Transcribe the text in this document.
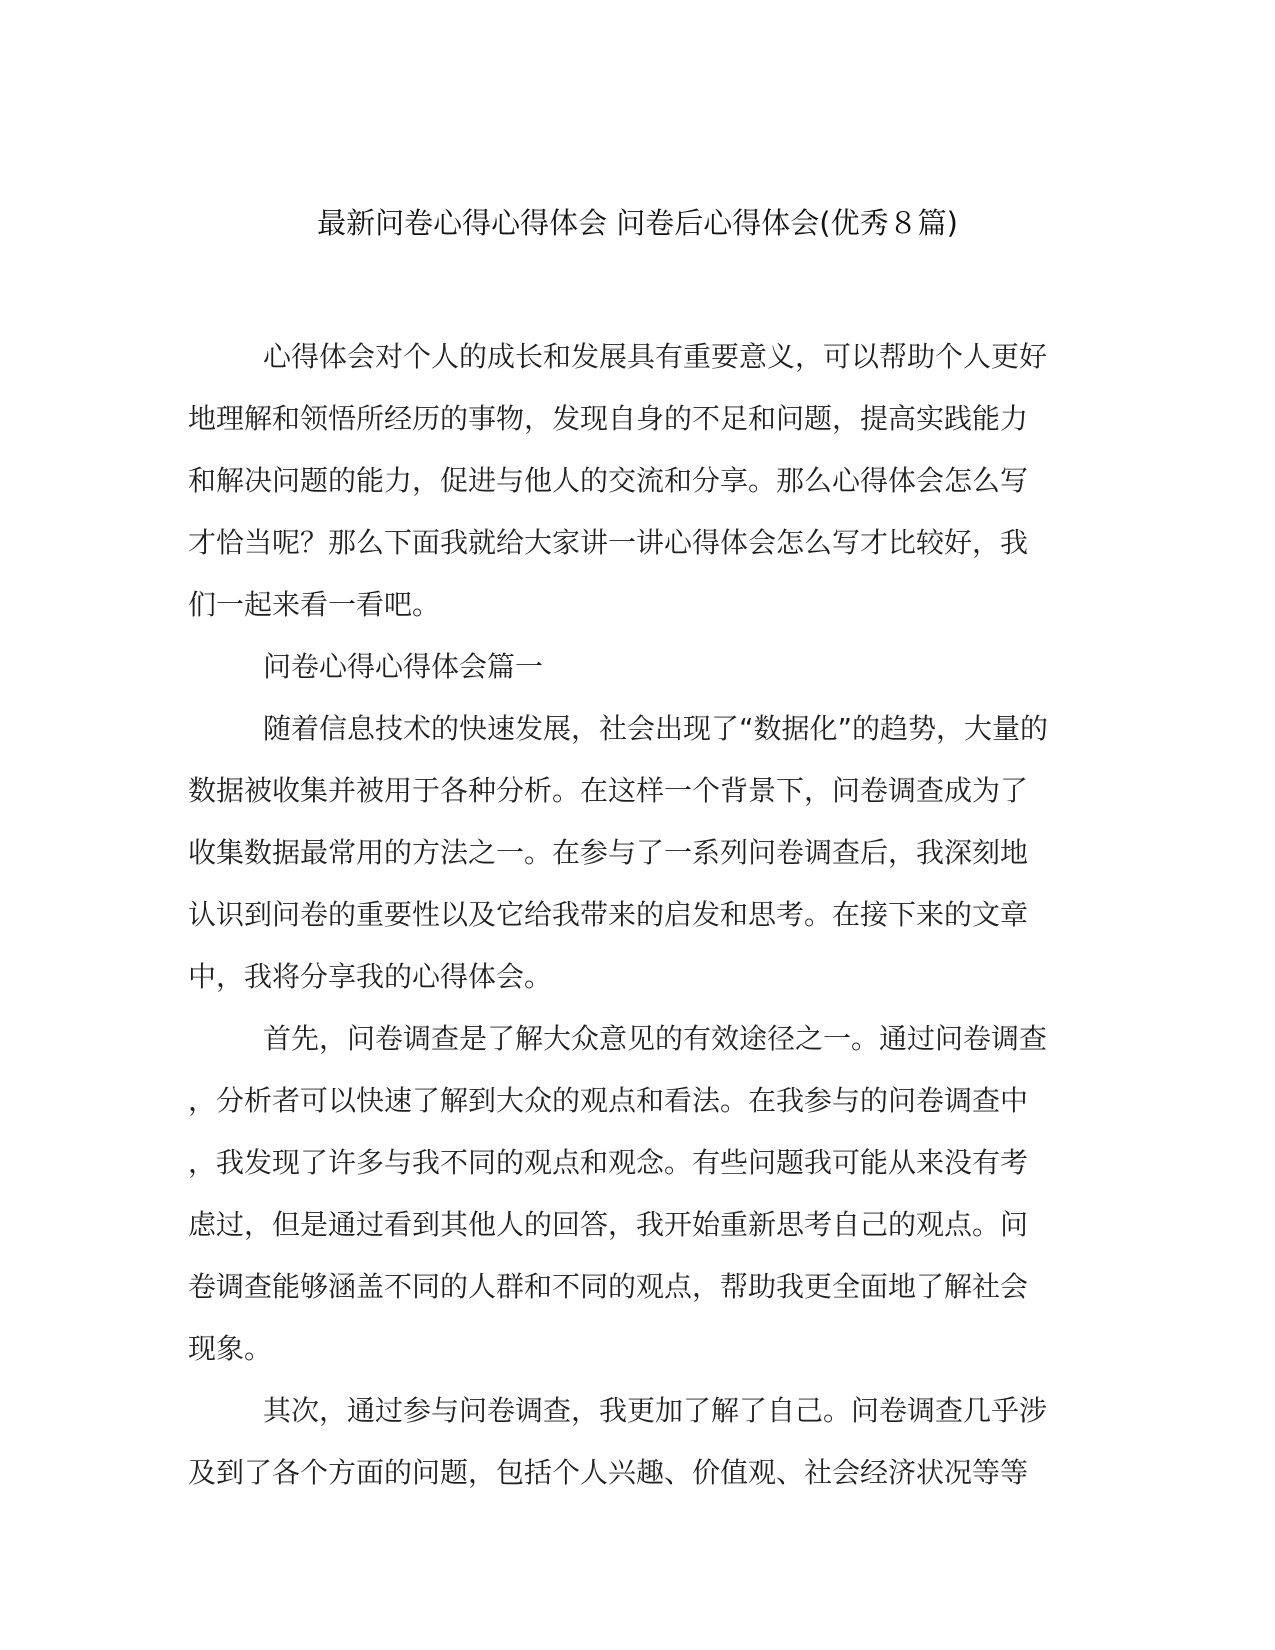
最新问卷心得心得体会 问卷后心得体会(优秀８篇)
心得体会对个人的成长和发展具有重要意义，可以帮助个人更好
地理解和领悟所经历的事物，发现自身的不足和问题，提高实践能力
和解决问题的能力，促进与他人的交流和分享。那么心得体会怎么写
才恰当呢？那么下面我就给大家讲一讲心得体会怎么写才比较好，我
们一起来看一看吧。
问卷心得心得体会篇一
随着信息技术的快速发展，社会出现了“数据化”的趋势，大量的
数据被收集并被用于各种分析。在这样一个背景下，问卷调查成为了
收集数据最常用的方法之一。在参与了一系列问卷调查后，我深刻地
认识到问卷的重要性以及它给我带来的启发和思考。在接下来的文章
中，我将分享我的心得体会。
首先，问卷调查是了解大众意见的有效途径之一。通过问卷调查
，分析者可以快速了解到大众的观点和看法。在我参与的问卷调查中
，我发现了许多与我不同的观点和观念。有些问题我可能从来没有考
虑过，但是通过看到其他人的回答，我开始重新思考自己的观点。问
卷调查能够涵盖不同的人群和不同的观点，帮助我更全面地了解社会
现象。
其次，通过参与问卷调查，我更加了解了自己。问卷调查几乎涉
及到了各个方面的问题，包括个人兴趣、价值观、社会经济状况等等
